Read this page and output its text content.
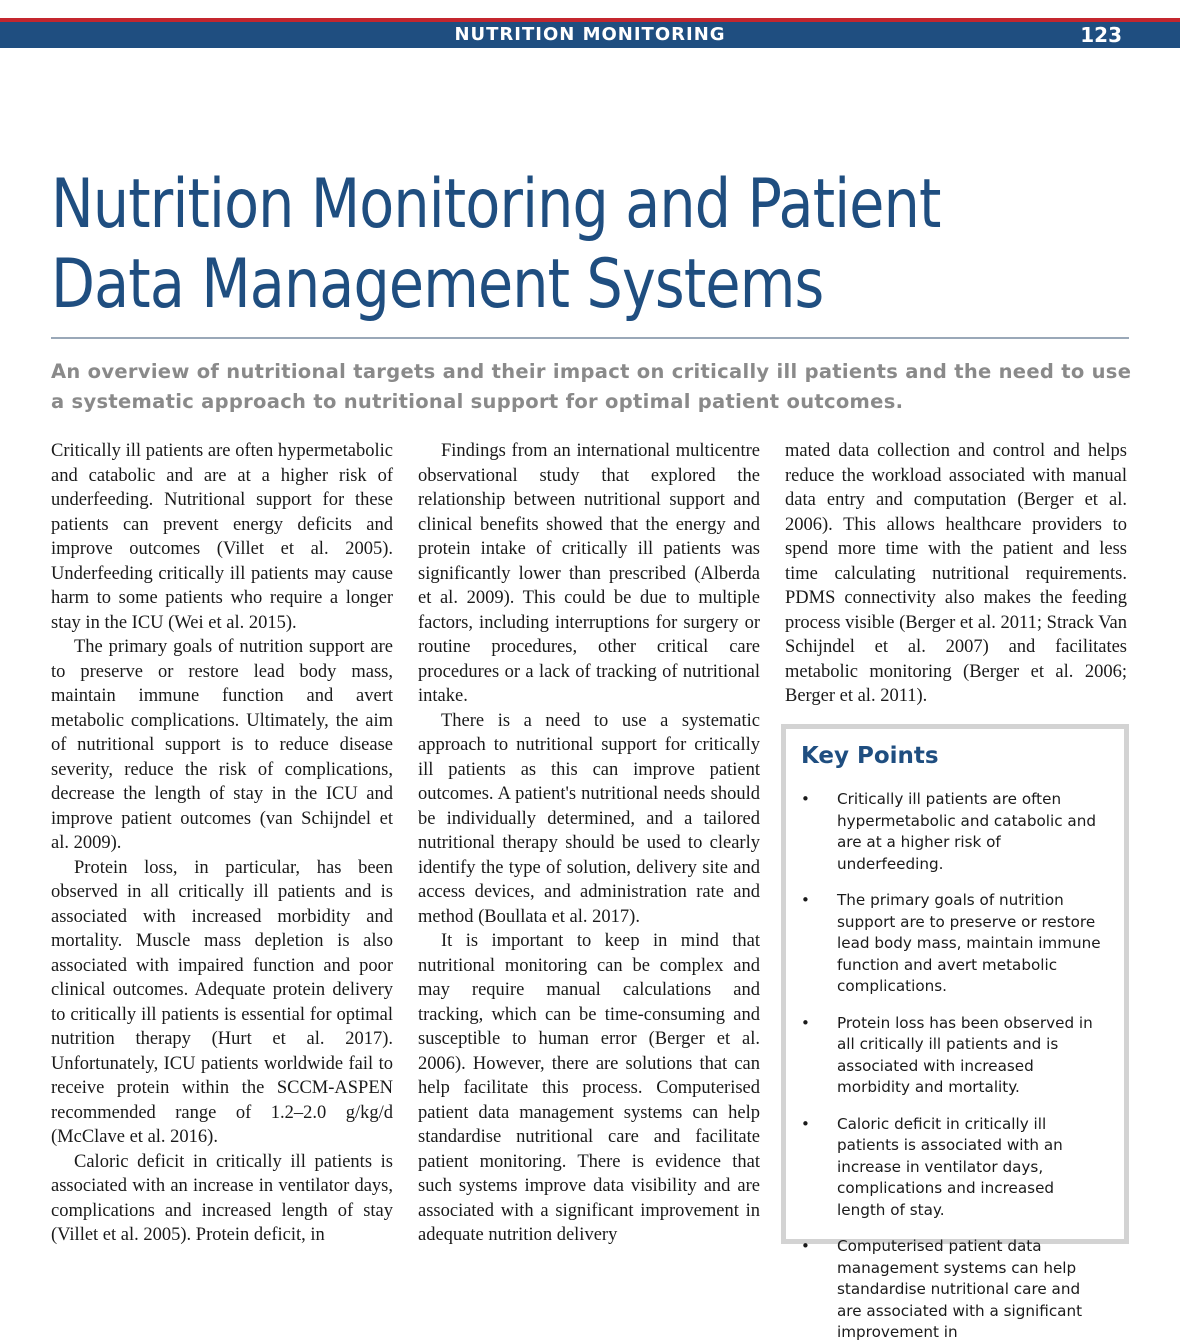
NUTRITION MONITORING	123
Nutrition Monitoring and Patient Data Management Systems

An overview of nutritional targets and their impact on critically ill patients and the need to use a systematic approach to nutritional support for optimal patient outcomes.

Critically ill patients are often hypermetabolic and catabolic and are at a higher risk of underfeeding. Nutritional support for these patients can prevent energy deficits and improve outcomes (Villet et al. 2005). Underfeeding critically ill patients may cause harm to some patients who require a longer stay in the ICU (Wei et al. 2015).

The primary goals of nutrition support are to preserve or restore lead body mass, maintain immune function and avert metabolic complications. Ultimately, the aim of nutritional support is to reduce disease severity, reduce the risk of complications, decrease the length of stay in the ICU and improve patient outcomes (van Schijndel et al. 2009).

Protein loss, in particular, has been observed in all critically ill patients and is associated with increased morbidity and mortality. Muscle mass depletion is also associated with impaired function and poor clinical outcomes. Adequate protein delivery to critically ill patients is essential for optimal nutrition therapy (Hurt et al. 2017). Unfortunately, ICU patients worldwide fail to receive protein within the SCCM-ASPEN recommended range of 1.2–2.0 g/kg/d (McClave et al. 2016).

Caloric deficit in critically ill patients is associated with an increase in ventilator days, complications and increased length of stay (Villet et al. 2005). Protein deficit, in

Findings from an international multicentre observational study that explored the relationship between nutritional support and clinical benefits showed that the energy and protein intake of critically ill patients was significantly lower than prescribed (Alberda et al. 2009). This could be due to multiple factors, including interruptions for surgery or routine procedures, other critical care procedures or a lack of tracking of nutritional intake.

There is a need to use a systematic approach to nutritional support for critically ill patients as this can improve patient outcomes. A patient's nutritional needs should be individually determined, and a tailored nutritional therapy should be used to clearly identify the type of solution, delivery site and access devices, and administration rate and method (Boullata et al. 2017).

It is important to keep in mind that nutritional monitoring can be complex and may require manual calculations and tracking, which can be time-consuming and susceptible to human error (Berger et al. 2006). However, there are solutions that can help facilitate this process. Computerised patient data management systems can help standardise nutritional care and facilitate patient monitoring. There is evidence that such systems improve data visibility and are associated with a significant improvement in adequate nutrition delivery

mated data collection and control and helps reduce the workload associated with manual data entry and computation (Berger et al. 2006). This allows healthcare providers to spend more time with the patient and less time calculating nutritional requirements. PDMS connectivity also makes the feeding process visible (Berger et al. 2011; Strack Van Schijndel et al. 2007) and facilitates metabolic monitoring (Berger et al. 2006; Berger et al. 2011).

Key Points
• Critically ill patients are often hypermetabolic and catabolic and are at a higher risk of underfeeding.
• The primary goals of nutrition support are to preserve or restore lead body mass, maintain immune function and avert metabolic complications.
• Protein loss has been observed in all critically ill patients and is associated with increased morbidity and mortality.
• Caloric deficit in critically ill patients is associated with an increase in ventilator days, complications and increased length of stay.
• Computerised patient data management systems can help standardise nutritional care and are associated with a significant improvement in
